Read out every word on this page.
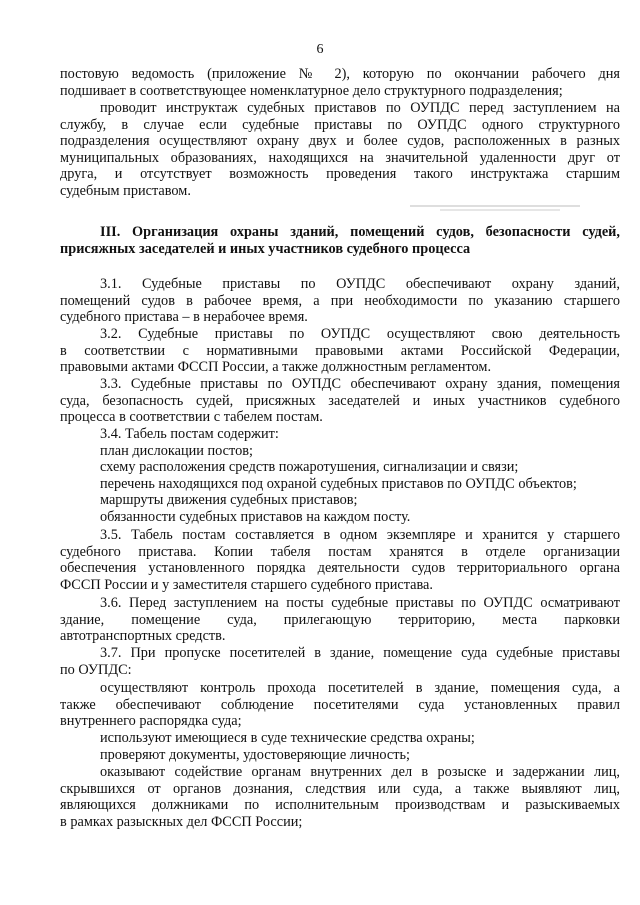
6
постовую ведомость (приложение № 2), которую по окончании рабочего дня
подшивает в соответствующее номенклатурное дело структурного подразделения;
проводит инструктаж судебных приставов по ОУПДС перед заступлением на
службу, в случае если судебные приставы по ОУПДС одного структурного
подразделения осуществляют охрану двух и более судов, расположенных в разных
муниципальных образованиях, находящихся на значительной удаленности друг от
друга, и отсутствует возможность проведения такого инструктажа старшим
судебным приставом.
III. Организация охраны зданий, помещений судов, безопасности судей,
присяжных заседателей и иных участников судебного процесса
3.1. Судебные приставы по ОУПДС обеспечивают охрану зданий,
помещений судов в рабочее время, а при необходимости по указанию старшего
судебного пристава – в нерабочее время.
3.2. Судебные приставы по ОУПДС осуществляют свою деятельность
в соответствии с нормативными правовыми актами Российской Федерации,
правовыми актами ФССП России, а также должностным регламентом.
3.3. Судебные приставы по ОУПДС обеспечивают охрану здания, помещения
суда, безопасность судей, присяжных заседателей и иных участников судебного
процесса в соответствии с табелем постам.
3.4. Табель постам содержит:
план дислокации постов;
схему расположения средств пожаротушения, сигнализации и связи;
перечень находящихся под охраной судебных приставов по ОУПДС объектов;
маршруты движения судебных приставов;
обязанности судебных приставов на каждом посту.
3.5. Табель постам составляется в одном экземпляре и хранится у старшего
судебного пристава. Копии табеля постам хранятся в отделе организации
обеспечения установленного порядка деятельности судов территориального органа
ФССП России и у заместителя старшего судебного пристава.
3.6. Перед заступлением на посты судебные приставы по ОУПДС осматривают
здание, помещение суда, прилегающую территорию, места парковки
автотранспортных средств.
3.7. При пропуске посетителей в здание, помещение суда судебные приставы
по ОУПДС:
осуществляют контроль прохода посетителей в здание, помещения суда, а
также обеспечивают соблюдение посетителями суда установленных правил
внутреннего распорядка суда;
используют имеющиеся в суде технические средства охраны;
проверяют документы, удостоверяющие личность;
оказывают содействие органам внутренних дел в розыске и задержании лиц,
скрывшихся от органов дознания, следствия или суда, а также выявляют лиц,
являющихся должниками по исполнительным производствам и разыскиваемых
в рамках разыскных дел ФССП России;
